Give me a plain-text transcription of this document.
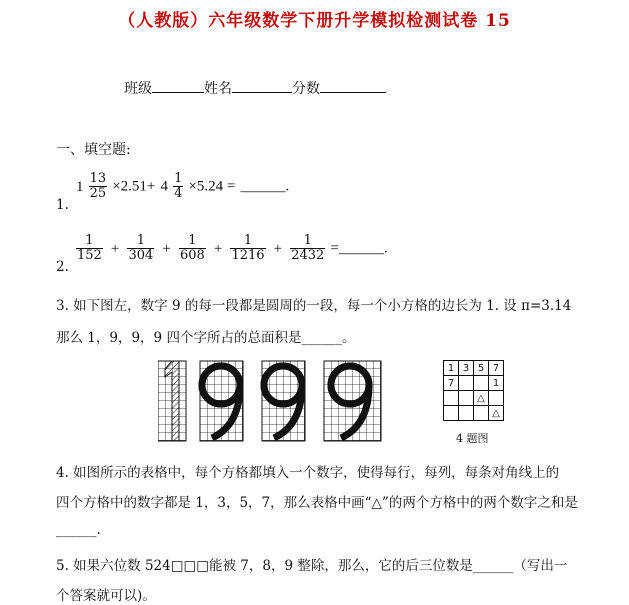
（人教版）六年级数学下册升学模拟检测试卷 15
班级	姓名	分数
一、填空题:
$_{1.}$ $1 \frac{13}{25} \times 2.51+ 4 \frac{1}{4} \times 5.24$ = ______.
$_{2.}$
$\frac{1}{152} + \frac{1}{304} + \frac{1}{608} + \frac{1}{1216} + \frac{1}{2432}$ =______.
3. 如下图左，数字 9 的每一段都是圆周的一段，每一个小方格的边长为 1. 设 π=3.14
那么 1，9，9，9 四个字所占的总面积是______。
1	3	5	7
7			1
		△	
			△
4 题图
4. 如图所示的表格中，每个方格都填入一个数字，使得每行，每列，每条对角线上的
四个方格中的数字都是 1，3，5，7，那么表格中画“△”的两个方格中的两个数字之和是
______.
5. 如果六位数 524□□□能被 7，8，9 整除，那么，它的后三位数是______（写出一
个答案就可以)。
